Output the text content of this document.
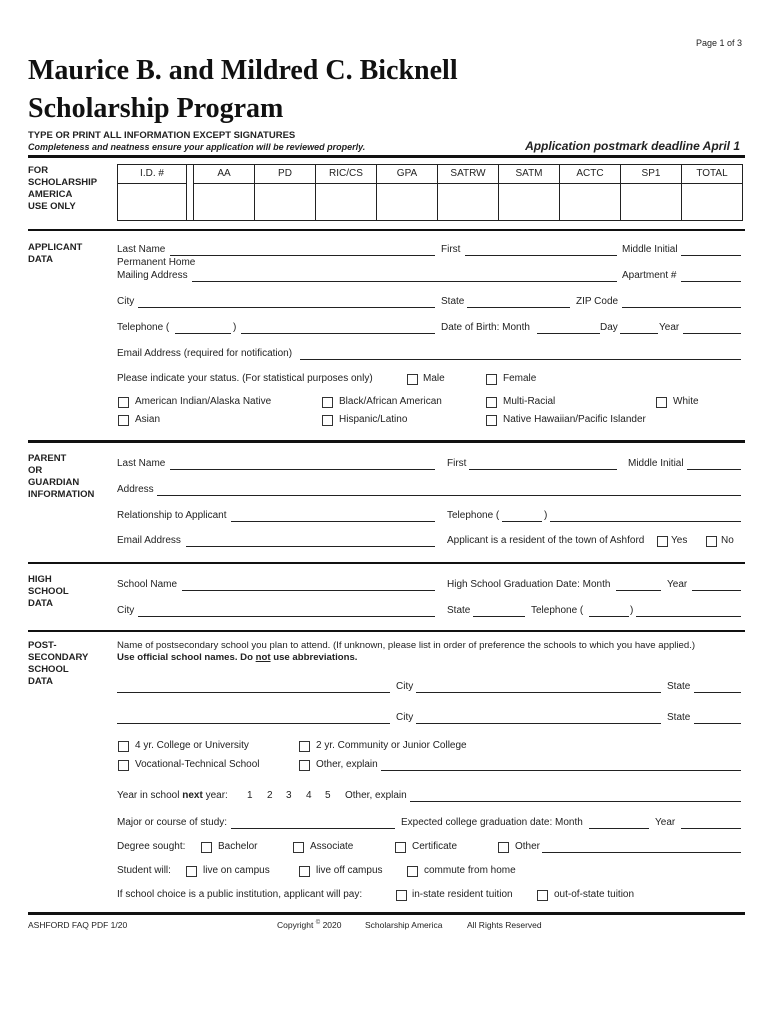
Page 1 of 3
Maurice B. and Mildred C. Bicknell
Scholarship Program
TYPE OR PRINT ALL INFORMATION EXCEPT SIGNATURES
Completeness and neatness ensure your application will be reviewed properly.	Application postmark deadline April 1
FOR
SCHOLARSHIP
AMERICA
USE ONLY
I.D. #	AA	PD	RIC/CS	GPA	SATRW	SATM	ACTC	SP1	TOTAL
APPLICANT
DATA
Last Name	First	Middle Initial
Permanent Home
Mailing Address	Apartment #
City	State	ZIP Code
Telephone (	)	Date of Birth: Month	Day	Year
Email Address (required for notification)
Please indicate your status. (For statistical purposes only)	Male	Female
American Indian/Alaska Native	Black/African American	Multi-Racial	White
Asian	Hispanic/Latino	Native Hawaiian/Pacific Islander
PARENT
OR
GUARDIAN
INFORMATION
Last Name	First	Middle Initial
Address
Relationship to Applicant	Telephone (	)
Email Address	Applicant is a resident of the town of Ashford	Yes	No
HIGH
SCHOOL
DATA
School Name	High School Graduation Date: Month	Year
City	State	Telephone (	)
POST-
SECONDARY
SCHOOL
DATA
Name of postsecondary school you plan to attend. (If unknown, please list in order of preference the schools to which you have applied.)
Use official school names. Do not use abbreviations.
City	State
City	State
4 yr. College or University	2 yr. Community or Junior College
Vocational-Technical School	Other, explain
Year in school next year: 1 2 3 4 5 Other, explain
Major or course of study:	Expected college graduation date: Month	Year
Degree sought:	Bachelor	Associate	Certificate	Other
Student will:	live on campus	live off campus	commute from home
If school choice is a public institution, applicant will pay:	in-state resident tuition	out-of-state tuition
ASHFORD FAQ PDF 1/20	Copyright © 2020	Scholarship America	All Rights Reserved
